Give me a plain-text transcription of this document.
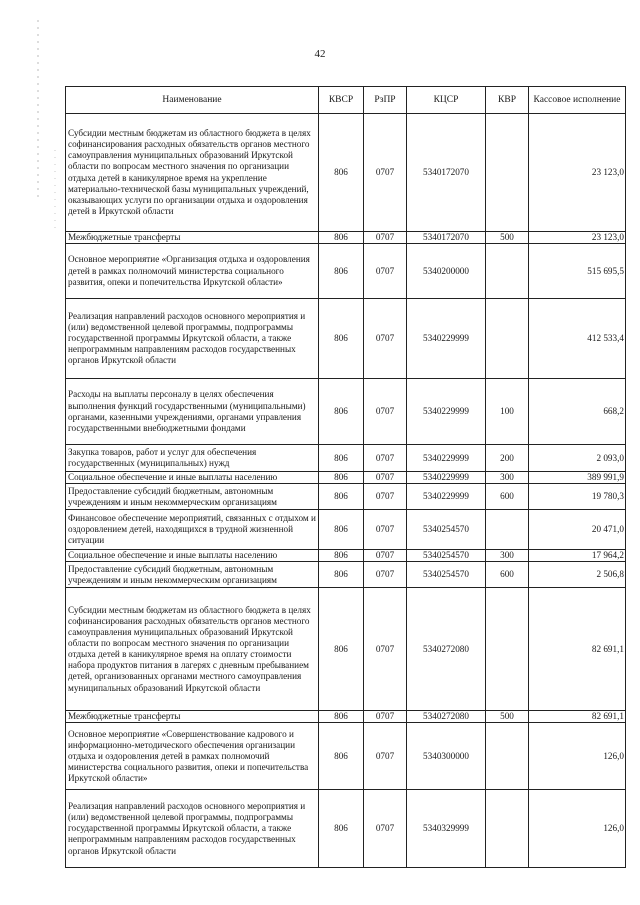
42
Наименование	КВСР	РзПР	КЦСР	КВР	Кассовое исполнение
Субсидии местным бюджетам из областного бюджета в целях софинансирования расходных обязательств органов местного самоуправления муниципальных образований Иркутской области по вопросам местного значения по организации отдыха детей в каникулярное время на укрепление материально-технической базы муниципальных учреждений, оказывающих услуги по организации отдыха и оздоровления детей в Иркутской области	806	0707	5340172070		23 123,0
Межбюджетные трансферты	806	0707	5340172070	500	23 123,0
Основное мероприятие «Организация отдыха и оздоровления детей в рамках полномочий министерства социального развития, опеки и попечительства Иркутской области»	806	0707	5340200000		515 695,5
Реализация направлений расходов основного мероприятия и (или) ведомственной целевой программы, подпрограммы государственной программы Иркутской области, а также непрограммным направлениям расходов государственных органов Иркутской области	806	0707	5340229999		412 533,4
Расходы на выплаты персоналу в целях обеспечения выполнения функций государственными (муниципальными) органами, казенными учреждениями, органами управления государственными внебюджетными фондами	806	0707	5340229999	100	668,2
Закупка товаров, работ и услуг для обеспечения государственных (муниципальных) нужд	806	0707	5340229999	200	2 093,0
Социальное обеспечение и иные выплаты населению	806	0707	5340229999	300	389 991,9
Предоставление субсидий бюджетным, автономным учреждениям и иным некоммерческим организациям	806	0707	5340229999	600	19 780,3
Финансовое обеспечение мероприятий, связанных с отдыхом и оздоровлением детей, находящихся в трудной жизненной ситуации	806	0707	5340254570		20 471,0
Социальное обеспечение и иные выплаты населению	806	0707	5340254570	300	17 964,2
Предоставление субсидий бюджетным, автономным учреждениям и иным некоммерческим организациям	806	0707	5340254570	600	2 506,8
Субсидии местным бюджетам из областного бюджета в целях софинансирования расходных обязательств органов местного самоуправления муниципальных образований Иркутской области по вопросам местного значения по организации отдыха детей в каникулярное время на оплату стоимости набора продуктов питания в лагерях с дневным пребыванием детей, организованных органами местного самоуправления муниципальных образований Иркутской области	806	0707	5340272080		82 691,1
Межбюджетные трансферты	806	0707	5340272080	500	82 691,1
Основное мероприятие «Совершенствование кадрового и информационно-методического обеспечения организации отдыха и оздоровления детей в рамках полномочий министерства социального развития, опеки и попечительства Иркутской области»	806	0707	5340300000		126,0
Реализация направлений расходов основного мероприятия и (или) ведомственной целевой программы, подпрограммы государственной программы Иркутской области, а также непрограммным направлениям расходов государственных органов Иркутской области	806	0707	5340329999		126,0
